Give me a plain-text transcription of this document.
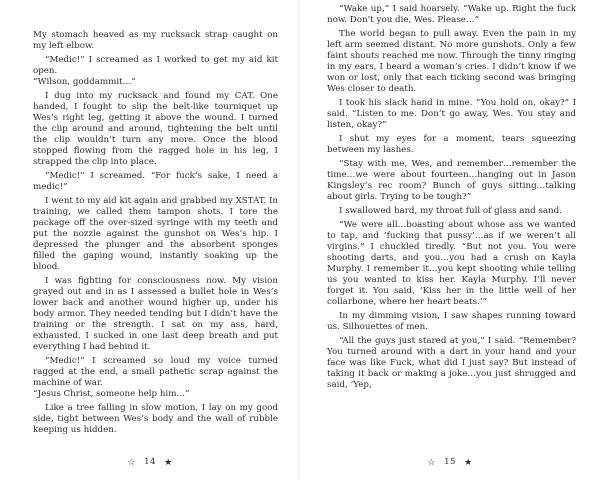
My stomach heaved as my rucksack strap caught on my left elbow.

“Medic!” I screamed as I worked to get my aid kit open.

“Wilson, goddammit…”

I dug into my rucksack and found my CAT. One handed, I fought to slip the belt-like tourniquet up Wes’s right leg, getting it above the wound. I turned the clip around and around, tightening the belt until the clip wouldn’t turn any more. Once the blood stopped flowing from the ragged hole in his leg, I strapped the clip into place.

“Medic!” I screamed. “For fuck’s sake, I need a medic!”

I went to my aid kit again and grabbed my XSTAT. In training, we called them tampon shots. I tore the package off the over-sized syringe with my teeth and put the nozzle against the gunshot on Wes’s hip. I depressed the plunger and the absorbent sponges filled the gaping wound, instantly soaking up the blood.

I was fighting for consciousness now. My vision grayed out and in as I assessed a bullet hole in Wes’s lower back and another wound higher up, under his body armor. They needed tending but I didn’t have the training or the strength. I sat on my ass, hard, exhausted. I sucked in one last deep breath and put everything I had behind it.

“Medic!” I screamed so loud my voice turned ragged at the end, a small pathetic scrap against the machine of war.

“Jesus Christ, someone help him…”

Like a tree falling in slow motion, I lay on my good side, tight between Wes’s body and the wall of rubble keeping us hidden.

☆ 14 ★

“Wake up,” I said hoarsely. “Wake up. Right the fuck now. Don’t you die, Wes. Please…”

The world began to pull away. Even the pain in my left arm seemed distant. No more gunshots. Only a few faint shouts reached me now. Through the tinny ringing in my ears, I heard a woman’s cries. I didn’t know if we won or lost, only that each ticking second was bringing Wes closer to death.

I took his slack hand in mine. “You hold on, okay?” I said. “Listen to me. Don’t go away, Wes. You stay and listen, okay?”

I shut my eyes for a moment, tears squeezing between my lashes.

“Stay with me, Wes, and remember…remember the time…we were about fourteen…hanging out in Jason Kingsley’s rec room? Bunch of guys sitting…talking about girls. Trying to be tough?”

I swallowed hard, my throat full of glass and sand.

“We were all…boasting about whose ass we wanted to tap, and ‘fucking that pussy’…as if we weren’t all virgins.” I chuckled tiredly. “But not you. You were shooting darts, and you…you had a crush on Kayla Murphy. I remember it…you kept shooting while telling us you wanted to kiss her. Kayla Murphy. I’ll never forget it. You said, ‘Kiss her in the little well of her collarbone, where her heart beats.’”

In my dimming vision, I saw shapes running toward us. Silhouettes of men.

“All the guys just stared at you,” I said. “Remember? You turned around with a dart in your hand and your face was like Fuck, what did I just say? But instead of taking it back or making a joke…you just shrugged and said, ‘Yep,

☆ 15 ★
